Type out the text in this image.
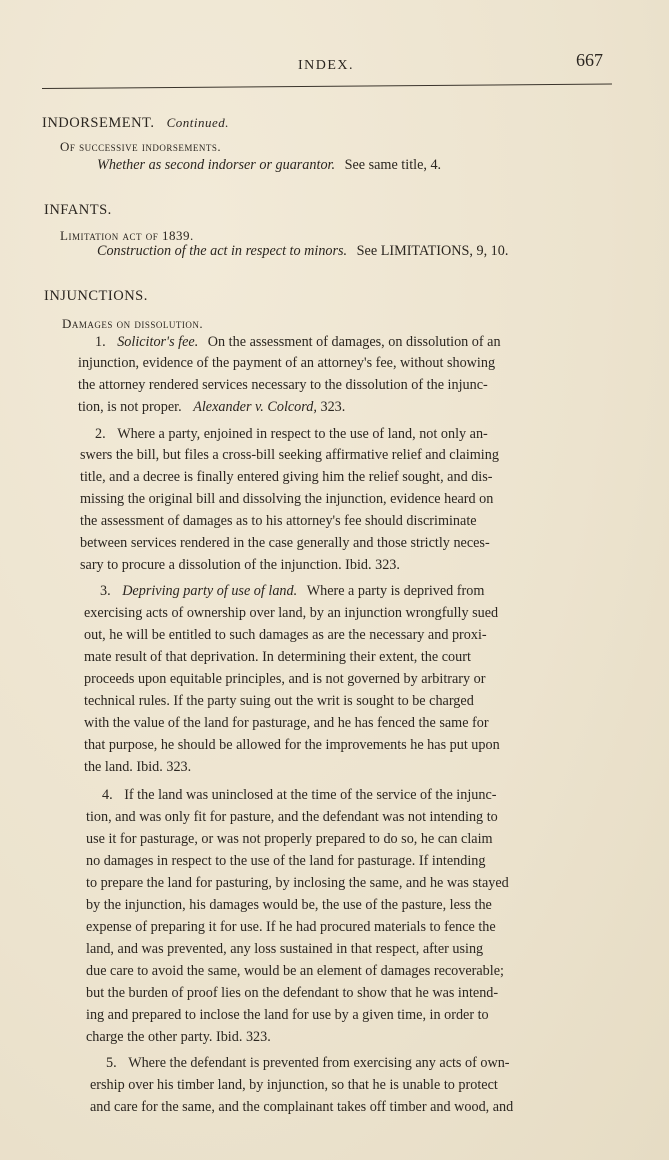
INDEX.	667
INDORSEMENT. Continued.
Of successive indorsements.
Whether as second indorser or guarantor. See same title, 4.
INFANTS.
Limitation act of 1839.
Construction of the act in respect to minors. See LIMITATIONS, 9, 10.
INJUNCTIONS.
Damages on dissolution.
1. Solicitor's fee. On the assessment of damages, on dissolution of an
injunction, evidence of the payment of an attorney's fee, without showing
the attorney rendered services necessary to the dissolution of the injunc-
tion, is not proper. Alexander v. Colcord, 323.
2. Where a party, enjoined in respect to the use of land, not only an-
swers the bill, but files a cross-bill seeking affirmative relief and claiming
title, and a decree is finally entered giving him the relief sought, and dis-
missing the original bill and dissolving the injunction, evidence heard on
the assessment of damages as to his attorney's fee should discriminate
between services rendered in the case generally and those strictly neces-
sary to procure a dissolution of the injunction. Ibid. 323.
3. Depriving party of use of land. Where a party is deprived from
exercising acts of ownership over land, by an injunction wrongfully sued
out, he will be entitled to such damages as are the necessary and proxi-
mate result of that deprivation. In determining their extent, the court
proceeds upon equitable principles, and is not governed by arbitrary or
technical rules. If the party suing out the writ is sought to be charged
with the value of the land for pasturage, and he has fenced the same for
that purpose, he should be allowed for the improvements he has put upon
the land. Ibid. 323.
4. If the land was uninclosed at the time of the service of the injunc-
tion, and was only fit for pasture, and the defendant was not intending to
use it for pasturage, or was not properly prepared to do so, he can claim
no damages in respect to the use of the land for pasturage. If intending
to prepare the land for pasturing, by inclosing the same, and he was stayed
by the injunction, his damages would be, the use of the pasture, less the
expense of preparing it for use. If he had procured materials to fence the
land, and was prevented, any loss sustained in that respect, after using
due care to avoid the same, would be an element of damages recoverable;
but the burden of proof lies on the defendant to show that he was intend-
ing and prepared to inclose the land for use by a given time, in order to
charge the other party. Ibid. 323.
5. Where the defendant is prevented from exercising any acts of own-
ership over his timber land, by injunction, so that he is unable to protect
and care for the same, and the complainant takes off timber and wood, and
